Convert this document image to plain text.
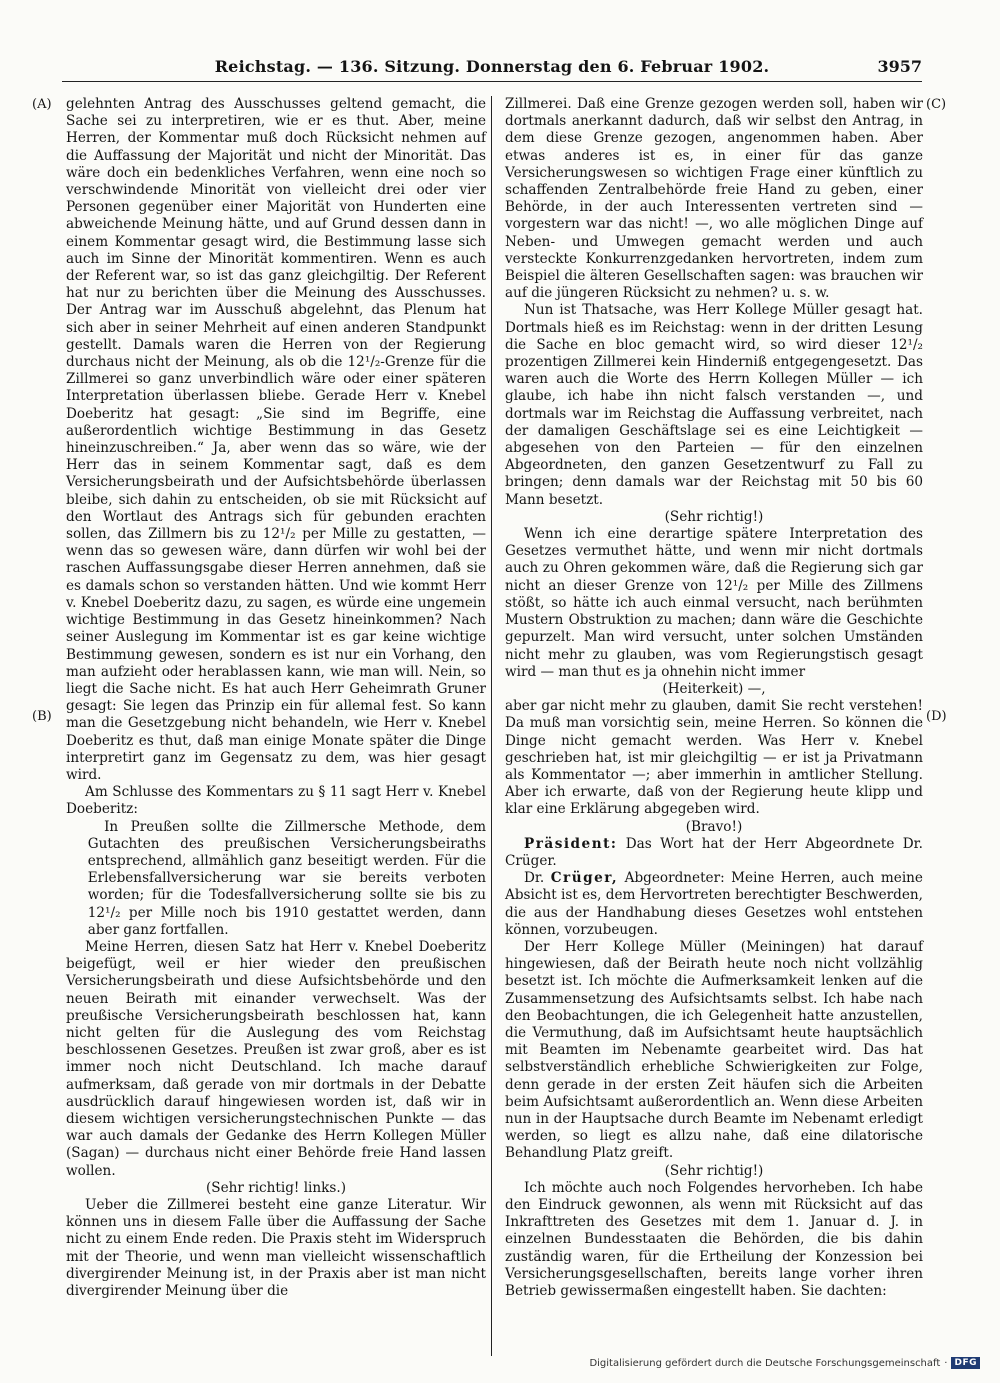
Reichstag. — 136. Sitzung. Donnerstag den 6. Februar 1902.	3957
(A)
(B)
(C)
(D)

gelehnten Antrag des Ausschusses geltend gemacht, die Sache sei zu interpretiren, wie er es thut. Aber, meine Herren, der Kommentar muß doch Rücksicht nehmen auf die Auffassung der Majorität und nicht der Minorität. Das wäre doch ein bedenkliches Verfahren, wenn eine noch so verschwindende Minorität von vielleicht drei oder vier Personen gegenüber einer Majorität von Hunderten eine abweichende Meinung hätte, und auf Grund dessen dann in einem Kommentar gesagt wird, die Bestimmung lasse sich auch im Sinne der Minorität kommentiren. Wenn es auch der Referent war, so ist das ganz gleichgiltig. Der Referent hat nur zu berichten über die Meinung des Ausschusses. Der Antrag war im Ausschuß abgelehnt, das Plenum hat sich aber in seiner Mehrheit auf einen anderen Standpunkt gestellt. Damals waren die Herren von der Regierung durchaus nicht der Meinung, als ob die 12¹/₂-Grenze für die Zillmerei so ganz unverbindlich wäre oder einer späteren Interpretation überlassen bliebe. Gerade Herr v. Knebel Doeberitz hat gesagt: „Sie sind im Begriffe, eine außerordentlich wichtige Bestimmung in das Gesetz hineinzuschreiben.“ Ja, aber wenn das so wäre, wie der Herr das in seinem Kommentar sagt, daß es dem Versicherungsbeirath und der Aufsichtsbehörde überlassen bleibe, sich dahin zu entscheiden, ob sie mit Rücksicht auf den Wortlaut des Antrags sich für gebunden erachten sollen, das Zillmern bis zu 12¹/₂ per Mille zu gestatten, — wenn das so gewesen wäre, dann dürfen wir wohl bei der raschen Auffassungsgabe dieser Herren annehmen, daß sie es damals schon so verstanden hätten. Und wie kommt Herr v. Knebel Doeberitz dazu, zu sagen, es würde eine ungemein wichtige Bestimmung in das Gesetz hineinkommen? Nach seiner Auslegung im Kommentar ist es gar keine wichtige Bestimmung gewesen, sondern es ist nur ein Vorhang, den man aufzieht oder herablassen kann, wie man will. Nein, so liegt die Sache nicht. Es hat auch Herr Geheimrath Gruner gesagt: Sie legen das Prinzip ein für allemal fest. So kann man die Gesetzgebung nicht behandeln, wie Herr v. Knebel Doeberitz es thut, daß man einige Monate später die Dinge interpretirt ganz im Gegensatz zu dem, was hier gesagt wird.

Am Schlusse des Kommentars zu § 11 sagt Herr v. Knebel Doeberitz:

In Preußen sollte die Zillmersche Methode, dem Gutachten des preußischen Versicherungsbeiraths entsprechend, allmählich ganz beseitigt werden. Für die Erlebensfallversicherung war sie bereits verboten worden; für die Todesfallversicherung sollte sie bis zu 12¹/₂ per Mille noch bis 1910 gestattet werden, dann aber ganz fortfallen.

Meine Herren, diesen Satz hat Herr v. Knebel Doeberitz beigefügt, weil er hier wieder den preußischen Versicherungsbeirath und diese Aufsichtsbehörde und den neuen Beirath mit einander verwechselt. Was der preußische Versicherungsbeirath beschlossen hat, kann nicht gelten für die Auslegung des vom Reichstag beschlossenen Gesetzes. Preußen ist zwar groß, aber es ist immer noch nicht Deutschland. Ich mache darauf aufmerksam, daß gerade von mir dortmals in der Debatte ausdrücklich darauf hingewiesen worden ist, daß wir in diesem wichtigen versicherungstechnischen Punkte — das war auch damals der Gedanke des Herrn Kollegen Müller (Sagan) — durchaus nicht einer Behörde freie Hand lassen wollen.

(Sehr richtig! links.)

Ueber die Zillmerei besteht eine ganze Literatur. Wir können uns in diesem Falle über die Auffassung der Sache nicht zu einem Ende reden. Die Praxis steht im Widerspruch mit der Theorie, und wenn man vielleicht wissenschaftlich divergirender Meinung ist, in der Praxis aber ist man nicht divergirender Meinung über die

Zillmerei. Daß eine Grenze gezogen werden soll, haben wir dortmals anerkannt dadurch, daß wir selbst den Antrag, in dem diese Grenze gezogen, angenommen haben. Aber etwas anderes ist es, in einer für das ganze Versicherungswesen so wichtigen Frage einer künftlich zu schaffenden Zentralbehörde freie Hand zu geben, einer Behörde, in der auch Interessenten vertreten sind — vorgestern war das nicht! —, wo alle möglichen Dinge auf Neben- und Umwegen gemacht werden und auch versteckte Konkurrenzgedanken hervortreten, indem zum Beispiel die älteren Gesellschaften sagen: was brauchen wir auf die jüngeren Rücksicht zu nehmen? u. s. w.

Nun ist Thatsache, was Herr Kollege Müller gesagt hat. Dortmals hieß es im Reichstag: wenn in der dritten Lesung die Sache en bloc gemacht wird, so wird dieser 12¹/₂ prozentigen Zillmerei kein Hinderniß entgegengesetzt. Das waren auch die Worte des Herrn Kollegen Müller — ich glaube, ich habe ihn nicht falsch verstanden —, und dortmals war im Reichstag die Auffassung verbreitet, nach der damaligen Geschäftslage sei es eine Leichtigkeit — abgesehen von den Parteien — für den einzelnen Abgeordneten, den ganzen Gesetzentwurf zu Fall zu bringen; denn damals war der Reichstag mit 50 bis 60 Mann besetzt.

(Sehr richtig!)

Wenn ich eine derartige spätere Interpretation des Gesetzes vermuthet hätte, und wenn mir nicht dortmals auch zu Ohren gekommen wäre, daß die Regierung sich gar nicht an dieser Grenze von 12¹/₂ per Mille des Zillmens stößt, so hätte ich auch einmal versucht, nach berühmten Mustern Obstruktion zu machen; dann wäre die Geschichte gepurzelt. Man wird versucht, unter solchen Umständen nicht mehr zu glauben, was vom Regierungstisch gesagt wird — man thut es ja ohnehin nicht immer

(Heiterkeit) —,

aber gar nicht mehr zu glauben, damit Sie recht verstehen! Da muß man vorsichtig sein, meine Herren. So können die Dinge nicht gemacht werden. Was Herr v. Knebel geschrieben hat, ist mir gleichgiltig — er ist ja Privatmann als Kommentator —; aber immerhin in amtlicher Stellung. Aber ich erwarte, daß von der Regierung heute klipp und klar eine Erklärung abgegeben wird.

(Bravo!)

Präsident: Das Wort hat der Herr Abgeordnete Dr. Crüger.

Dr. Crüger, Abgeordneter: Meine Herren, auch meine Absicht ist es, dem Hervortreten berechtigter Beschwerden, die aus der Handhabung dieses Gesetzes wohl entstehen können, vorzubeugen.

Der Herr Kollege Müller (Meiningen) hat darauf hingewiesen, daß der Beirath heute noch nicht vollzählig besetzt ist. Ich möchte die Aufmerksamkeit lenken auf die Zusammensetzung des Aufsichtsamts selbst. Ich habe nach den Beobachtungen, die ich Gelegenheit hatte anzustellen, die Vermuthung, daß im Aufsichtsamt heute hauptsächlich mit Beamten im Nebenamte gearbeitet wird. Das hat selbstverständlich erhebliche Schwierigkeiten zur Folge, denn gerade in der ersten Zeit häufen sich die Arbeiten beim Aufsichtsamt außerordentlich an. Wenn diese Arbeiten nun in der Hauptsache durch Beamte im Nebenamt erledigt werden, so liegt es allzu nahe, daß eine dilatorische Behandlung Platz greift.

(Sehr richtig!)

Ich möchte auch noch Folgendes hervorheben. Ich habe den Eindruck gewonnen, als wenn mit Rücksicht auf das Inkrafttreten des Gesetzes mit dem 1. Januar d. J. in einzelnen Bundesstaaten die Behörden, die bis dahin zuständig waren, für die Ertheilung der Konzession bei Versicherungsgesellschaften, bereits lange vorher ihren Betrieb gewissermaßen eingestellt haben. Sie dachten:

Digitalisierung gefördert durch die Deutsche Forschungsgemeinschaft · DFG
